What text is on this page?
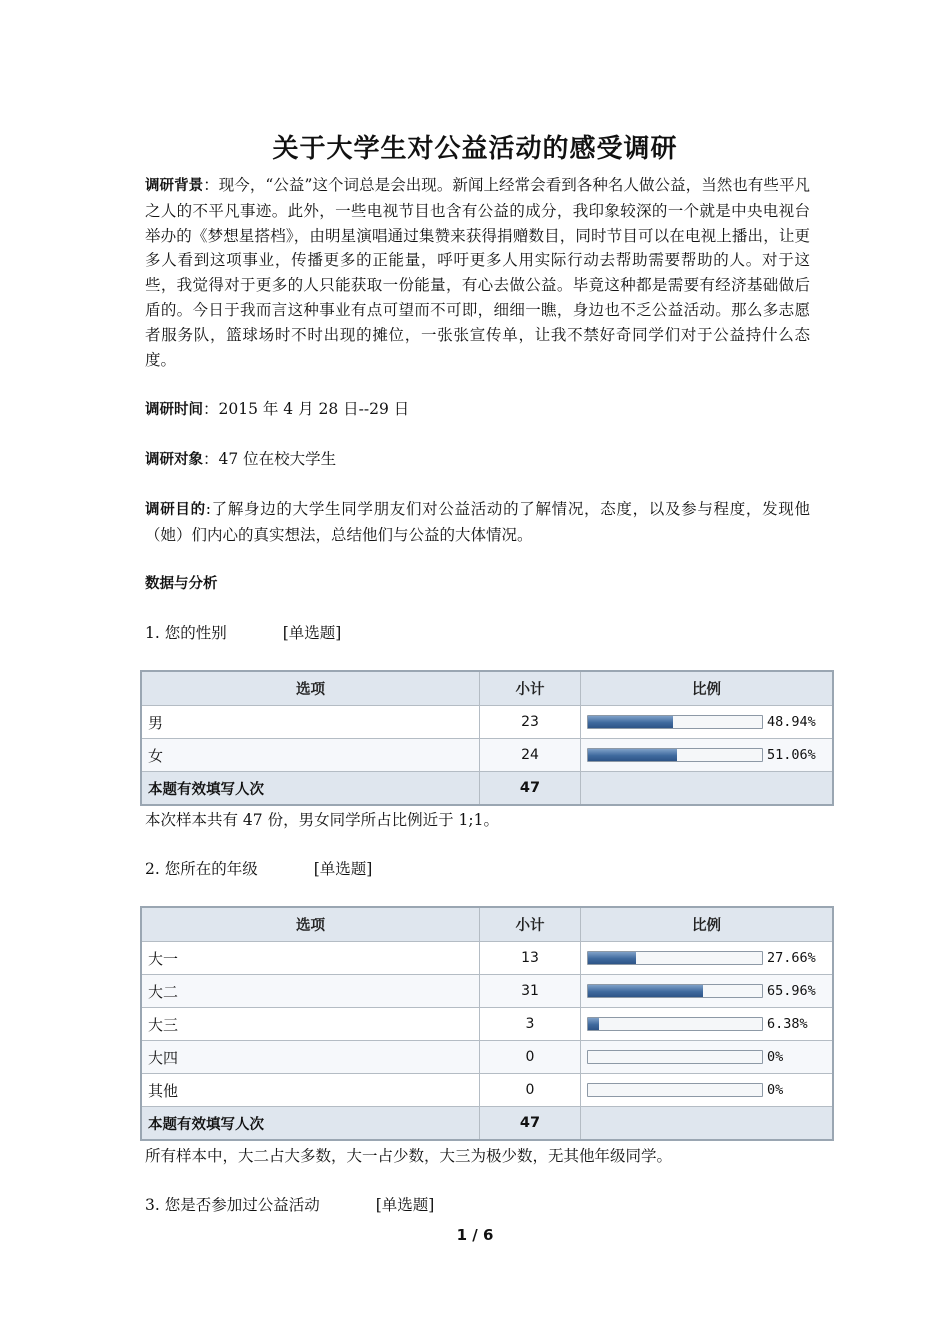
关于大学生对公益活动的感受调研
调研背景：现今，“公益”这个词总是会出现。新闻上经常会看到各种名人做公益，当然也有些平凡之人的不平凡事迹。此外，一些电视节目也含有公益的成分，我印象较深的一个就是中央电视台举办的《梦想星搭档》，由明星演唱通过集赞来获得捐赠数目，同时节目可以在电视上播出，让更多人看到这项事业，传播更多的正能量，呼吁更多人用实际行动去帮助需要帮助的人。对于这些，我觉得对于更多的人只能获取一份能量，有心去做公益。毕竟这种都是需要有经济基础做后盾的。今日于我而言这种事业有点可望而不可即，细细一瞧，身边也不乏公益活动。那么多志愿者服务队，篮球场时不时出现的摊位，一张张宣传单，让我不禁好奇同学们对于公益持什么态度。
调研时间：2015 年 4 月 28 日--29 日
调研对象：47 位在校大学生
调研目的:了解身边的大学生同学朋友们对公益活动的了解情况，态度，以及参与程度，发现他（她）们内心的真实想法，总结他们与公益的大体情况。
数据与分析
1. 您的性别	[单选题]
选项	小计	比例
男	23	48.94%

女	24	51.06%

本题有效填写人次	47	
本次样本共有 47 份，男女同学所占比例近于 1;1。
2. 您所在的年级	[单选题]
选项	小计	比例
大一	13	27.66%

大二	31	65.96%

大三	3	6.38%

大四	0	0%

其他	0	0%

本题有效填写人次	47	
所有样本中，大二占大多数，大一占少数，大三为极少数，无其他年级同学。
3. 您是否参加过公益活动	[单选题]
1 / 6
